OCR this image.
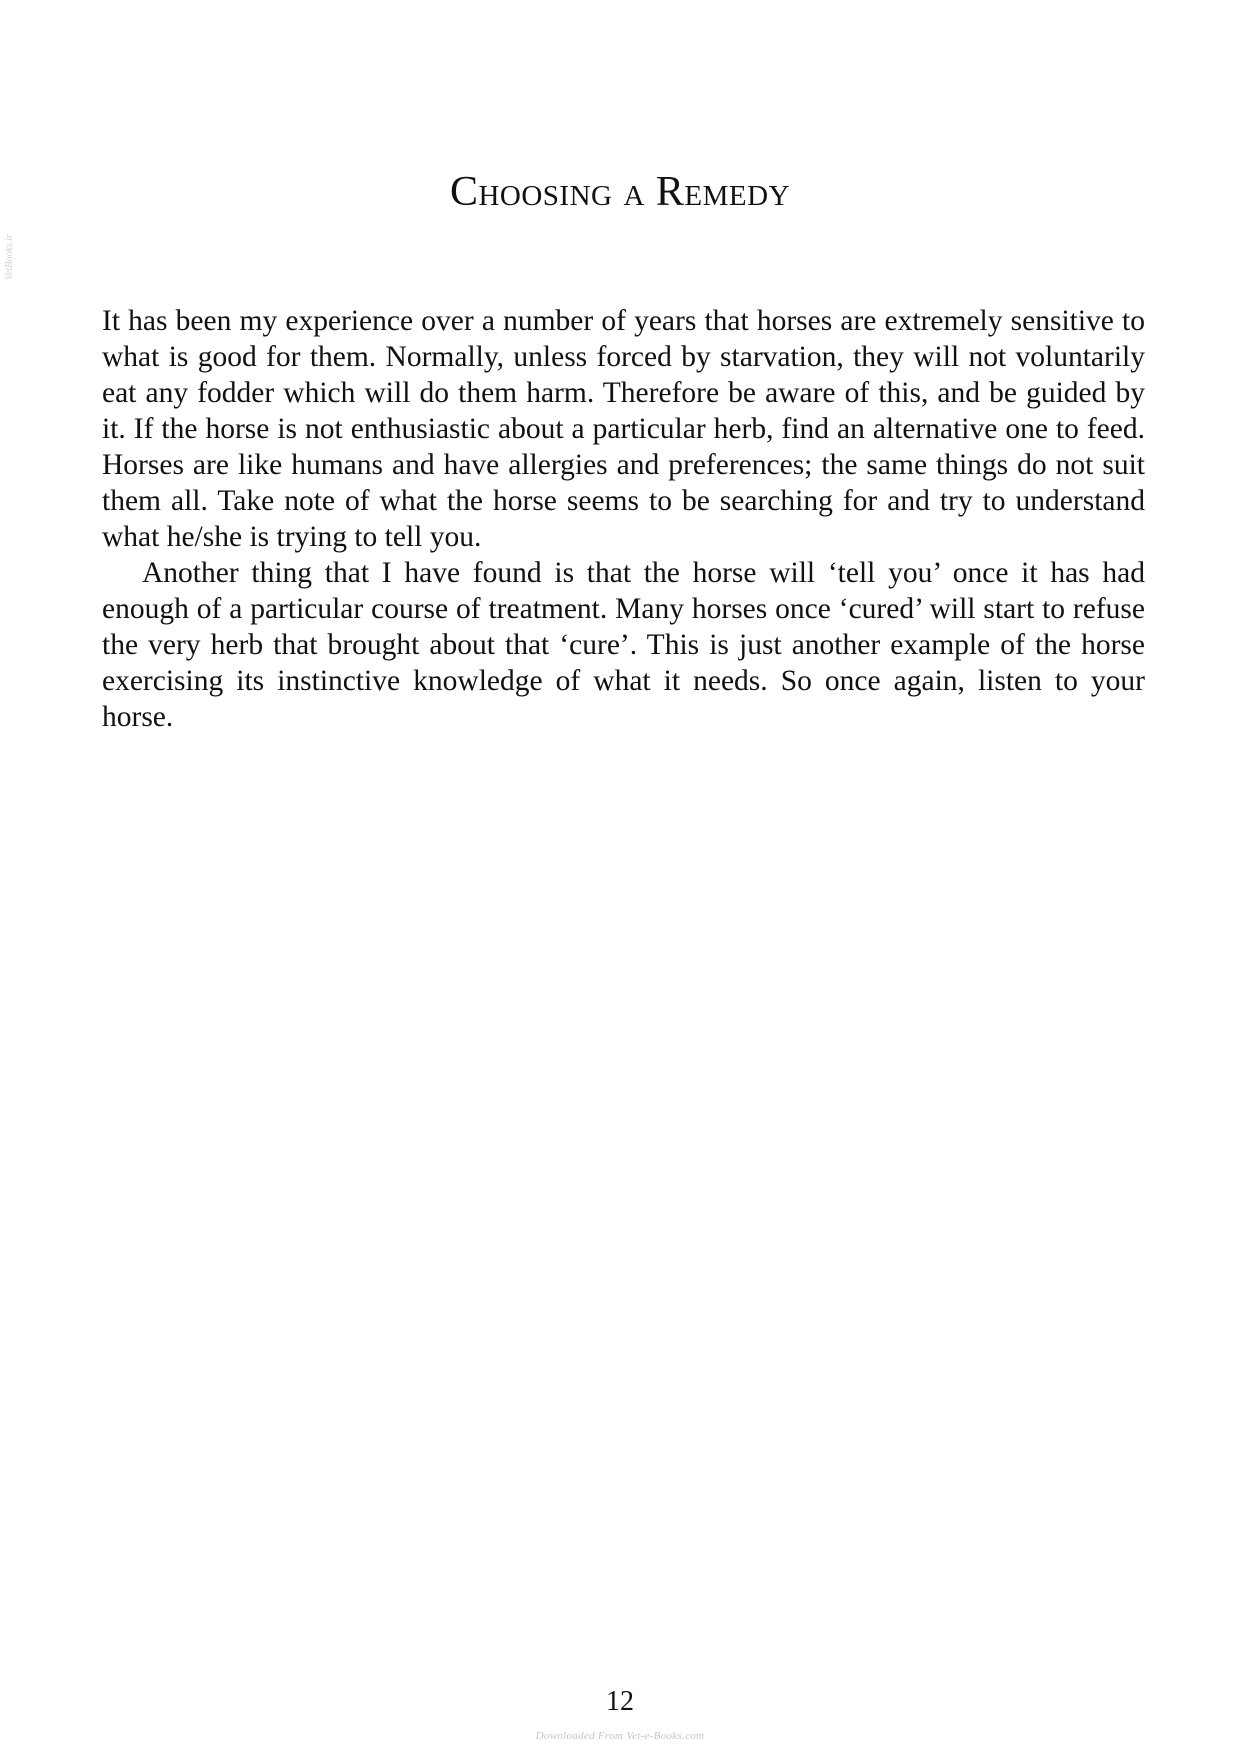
VetBooks.ir
Choosing a Remedy

It has been my experience over a number of years that horses are extremely sensitive to what is good for them. Normally, unless forced by starvation, they will not voluntarily eat any fodder which will do them harm. Therefore be aware of this, and be guided by it. If the horse is not enthusiastic about a particular herb, find an alternative one to feed. Horses are like humans and have allergies and preferences; the same things do not suit them all. Take note of what the horse seems to be searching for and try to understand what he/she is trying to tell you.

Another thing that I have found is that the horse will ‘tell you’ once it has had enough of a particular course of treatment. Many horses once ‘cured’ will start to refuse the very herb that brought about that ‘cure’. This is just another example of the horse exercising its instinctive knowledge of what it needs. So once again, listen to your horse.

12
Downloaded From Vet-e-Books.com
